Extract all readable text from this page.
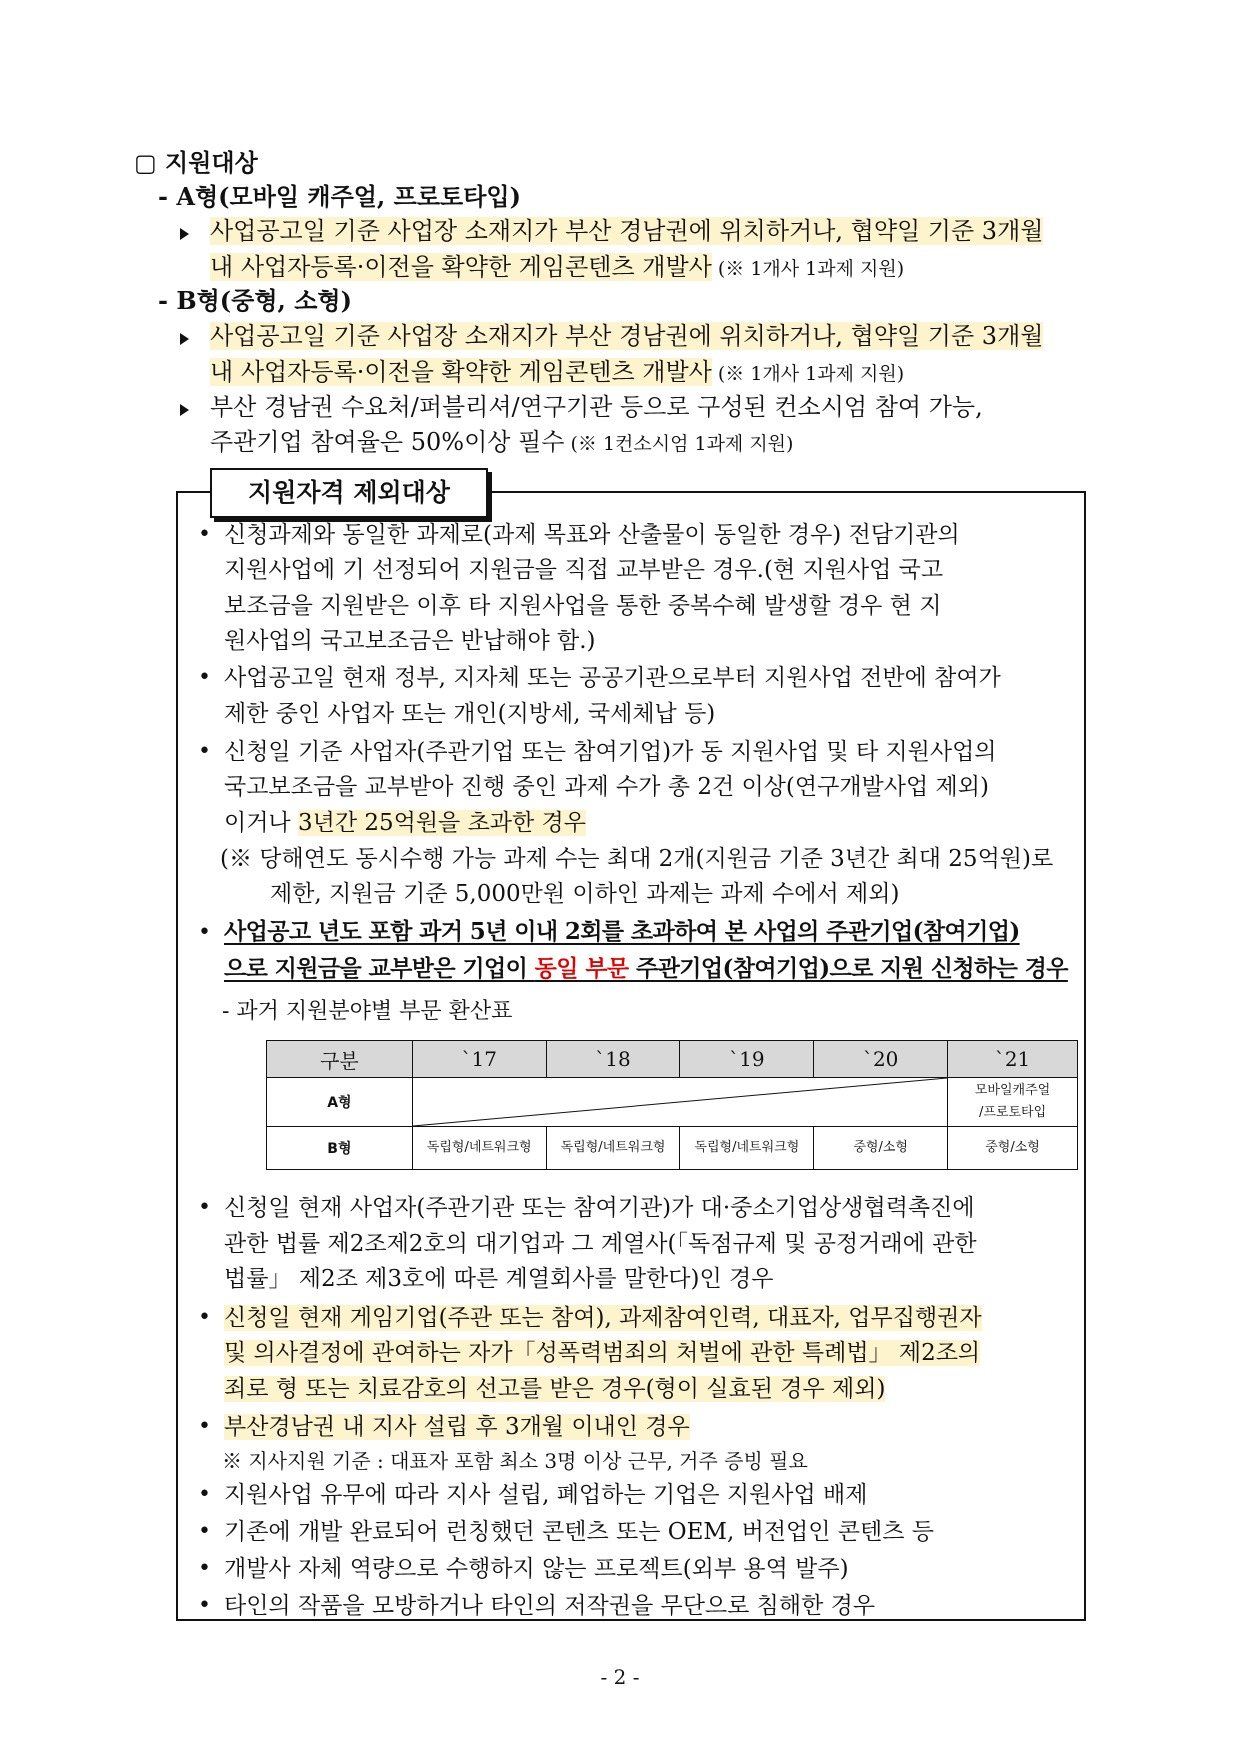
▢ 지원대상
- A형(모바일 캐주얼, 프로토타입)
사업공고일 기준 사업장 소재지가 부산 경남권에 위치하거나, 협약일 기준 3개월
내 사업자등록·이전을 확약한 게임콘텐츠 개발사 (※ 1개사 1과제 지원)
- B형(중형, 소형)
사업공고일 기준 사업장 소재지가 부산 경남권에 위치하거나, 협약일 기준 3개월
내 사업자등록·이전을 확약한 게임콘텐츠 개발사 (※ 1개사 1과제 지원)
부산 경남권 수요처/퍼블리셔/연구기관 등으로 구성된 컨소시엄 참여 가능,
주관기업 참여율은 50%이상 필수 (※ 1컨소시엄 1과제 지원)
지원자격 제외대상
• 신청과제와 동일한 과제로(과제 목표와 산출물이 동일한 경우) 전담기관의
지원사업에 기 선정되어 지원금을 직접 교부받은 경우.(현 지원사업 국고
보조금을 지원받은 이후 타 지원사업을 통한 중복수혜 발생할 경우 현 지
원사업의 국고보조금은 반납해야 함.)
• 사업공고일 현재 정부, 지자체 또는 공공기관으로부터 지원사업 전반에 참여가
제한 중인 사업자 또는 개인(지방세, 국세체납 등)
• 신청일 기준 사업자(주관기업 또는 참여기업)가 동 지원사업 및 타 지원사업의
국고보조금을 교부받아 진행 중인 과제 수가 총 2건 이상(연구개발사업 제외)
이거나 3년간 25억원을 초과한 경우
(※ 당해연도 동시수행 가능 과제 수는 최대 2개(지원금 기준 3년간 최대 25억원)로
제한, 지원금 기준 5,000만원 이하인 과제는 과제 수에서 제외)
• 사업공고 년도 포함 과거 5년 이내 2회를 초과하여 본 사업의 주관기업(참여기업)
으로 지원금을 교부받은 기업이 동일 부문 주관기업(참여기업)으로 지원 신청하는 경우
- 과거 지원분야별 부문 환산표
구분	`17	`18	`19	`20	`21
A형					모바일캐주얼
/프로토타입

B형	독립형/네트워크형	독립형/네트워크형	독립형/네트워크형	중형/소형	중형/소형
• 신청일 현재 사업자(주관기관 또는 참여기관)가 대·중소기업상생협력촉진에
관한 법률 제2조제2호의 대기업과 그 계열사(「독점규제 및 공정거래에 관한
법률」 제2조 제3호에 따른 계열회사를 말한다)인 경우
• 신청일 현재 게임기업(주관 또는 참여), 과제참여인력, 대표자, 업무집행권자
및 의사결정에 관여하는 자가「성폭력범죄의 처벌에 관한 특례법」 제2조의
죄로 형 또는 치료감호의 선고를 받은 경우(형이 실효된 경우 제외)
• 부산경남권 내 지사 설립 후 3개월 이내인 경우
※ 지사지원 기준 : 대표자 포함 최소 3명 이상 근무, 거주 증빙 필요
• 지원사업 유무에 따라 지사 설립, 폐업하는 기업은 지원사업 배제
• 기존에 개발 완료되어 런칭했던 콘텐츠 또는 OEM, 버전업인 콘텐츠 등
• 개발사 자체 역량으로 수행하지 않는 프로젝트(외부 용역 발주)
• 타인의 작품을 모방하거나 타인의 저작권을 무단으로 침해한 경우
- 2 -
